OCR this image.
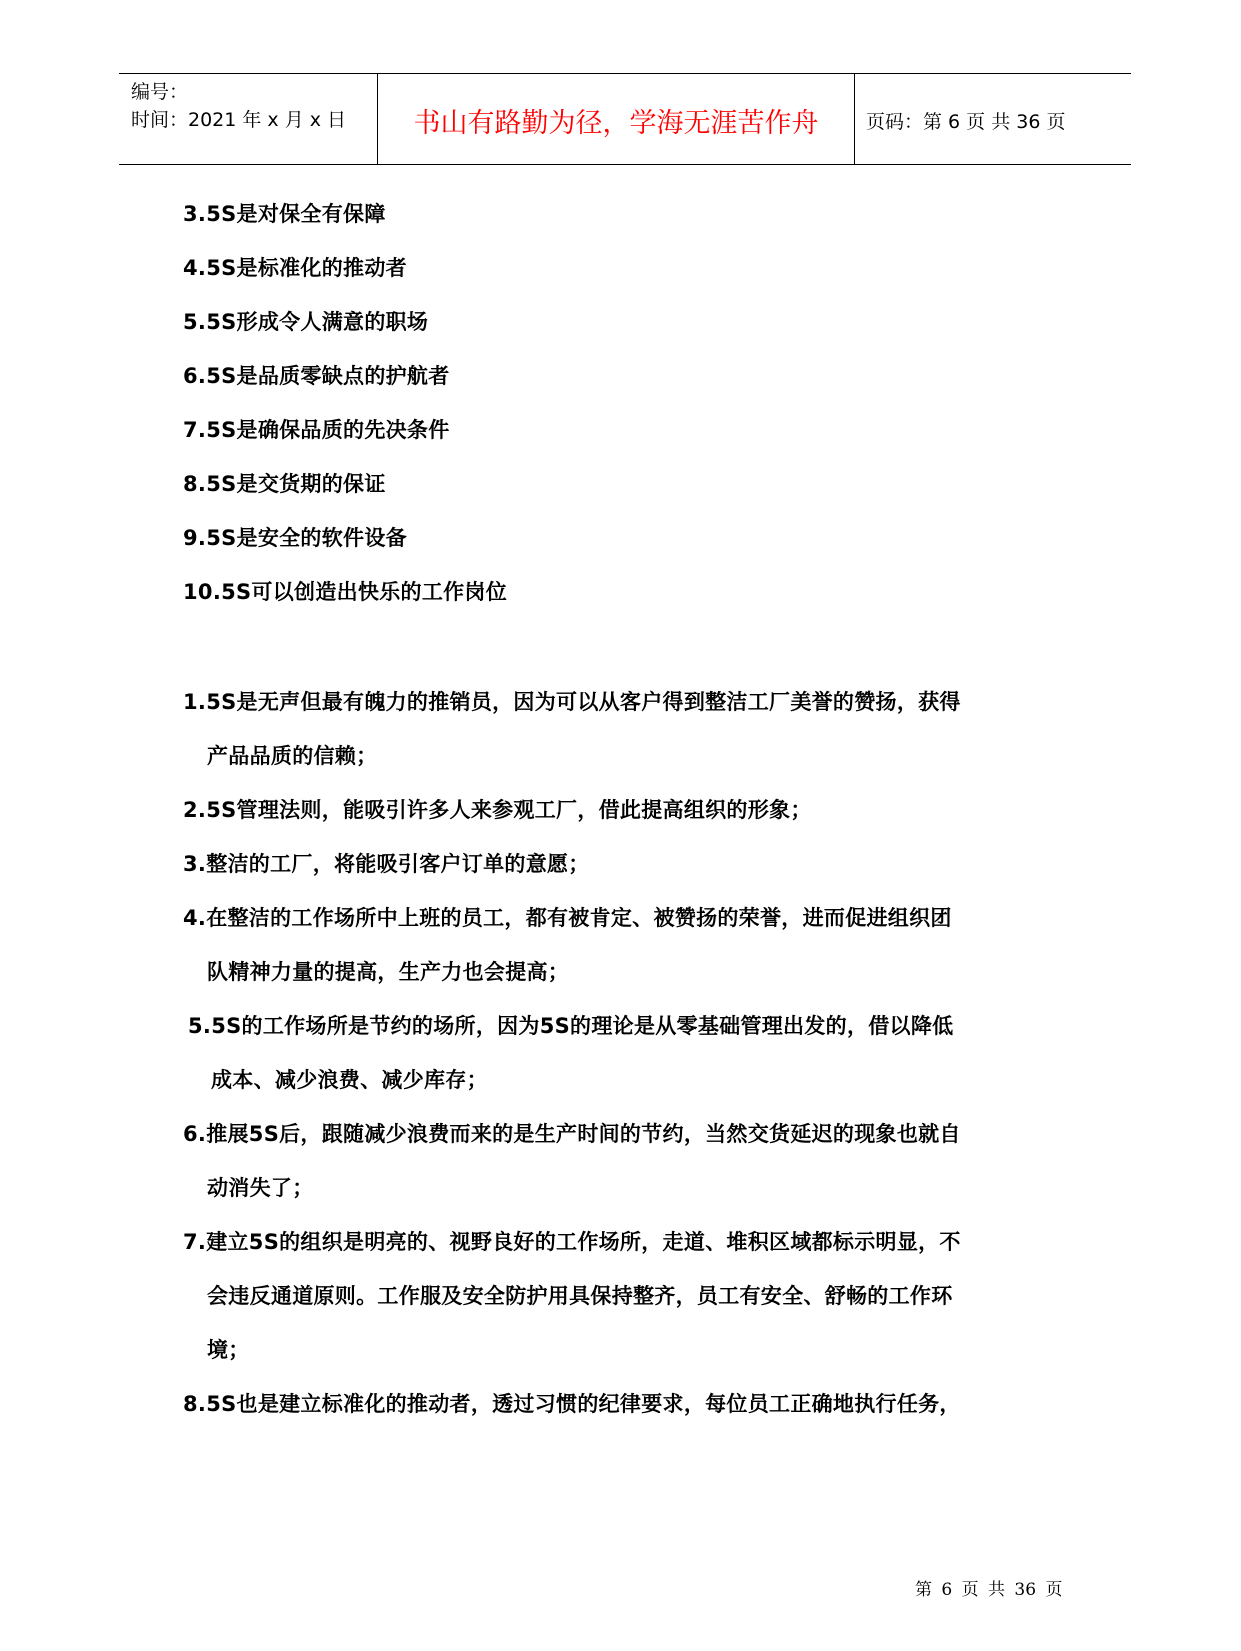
编号：
时间：2021 年 x 月 x 日	书山有路勤为径，学海无涯苦作舟	页码：第 6 页 共 36 页
3.5S是对保全有保障
4.5S是标准化的推动者
5.5S形成令人满意的职场
6.5S是品质零缺点的护航者
7.5S是确保品质的先决条件
8.5S是交货期的保证
9.5S是安全的软件设备
10.5S可以创造出快乐的工作岗位
1.5S是无声但最有魄力的推销员，因为可以从客户得到整洁工厂美誉的赞扬，获得
产品品质的信赖；
2.5S管理法则，能吸引许多人来参观工厂，借此提高组织的形象；
3.整洁的工厂，将能吸引客户订单的意愿；
4.在整洁的工作场所中上班的员工，都有被肯定、被赞扬的荣誉，进而促进组织团
队精神力量的提高，生产力也会提高；
5.5S的工作场所是节约的场所，因为5S的理论是从零基础管理出发的，借以降低
成本、减少浪费、减少库存；
6.推展5S后，跟随减少浪费而来的是生产时间的节约，当然交货延迟的现象也就自
动消失了；
7.建立5S的组织是明亮的、视野良好的工作场所，走道、堆积区域都标示明显，不
会违反通道原则。工作服及安全防护用具保持整齐，员工有安全、舒畅的工作环
境；
8.5S也是建立标准化的推动者，透过习惯的纪律要求，每位员工正确地执行任务，
第 6 页 共 36 页
